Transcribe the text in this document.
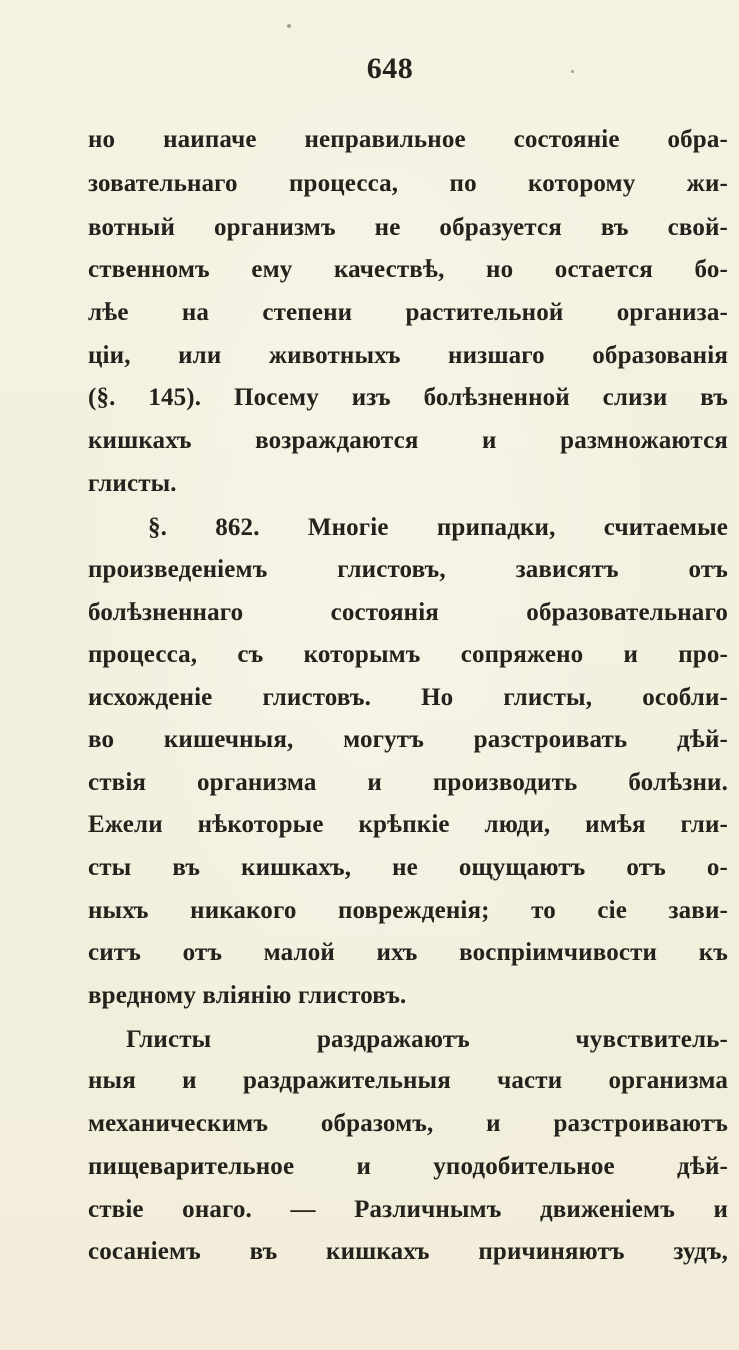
648
но наипаче неправильное состояніе обра-
зовательнаго процесса, по которому жи-
вотный организмъ не образуется въ свой-
ственномъ ему качествѣ, но остается бо-
лѣе на степени растительной организа-
ціи, или животныхъ низшаго образованія
(§. 145). Посему изъ болѣзненной слизи въ
кишкахъ возраждаются и размножаются
глисты.
§. 862. Многіе припадки, считаемые
произведеніемъ глистовъ, зависятъ отъ
болѣзненнаго состоянія образовательнаго
процесса, съ которымъ сопряжено и про-
исхожденіе глистовъ. Но глисты, особли-
во кишечныя, могутъ разстроивать дѣй-
ствія организма и производить болѣзни.
Ежели нѣкоторые крѣпкіе люди, имѣя гли-
сты въ кишкахъ, не ощущаютъ отъ о-
ныхъ никакого поврежденія; то сіе зави-
ситъ отъ малой ихъ воспріимчивости къ
вредному вліянію глистовъ.
Глисты раздражаютъ чувствитель-
ныя и раздражительныя части организма
механическимъ образомъ, и разстроиваютъ
пищеварительное и уподобительное дѣй-
ствіе онаго. — Различнымъ движеніемъ и
сосаніемъ въ кишкахъ причиняютъ зудъ,
